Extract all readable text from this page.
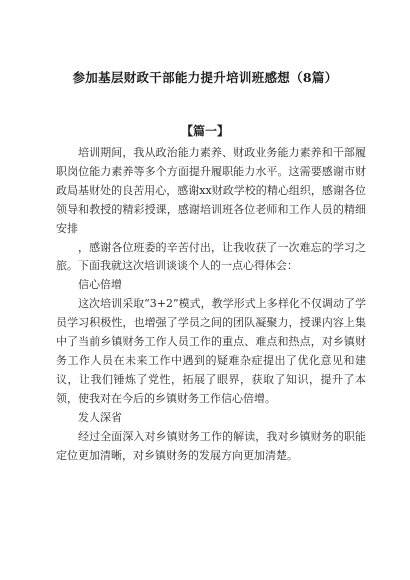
参加基层财政干部能力提升培训班感想（8篇）
【篇一】

培训期间，我从政治能力素养、财政业务能力素养和干部履职岗位能力素养等多个方面提升履职能力水平。这需要感谢市财政局基财处的良苦用心，感谢xx财政学校的精心组织，感谢各位领导和教授的精彩授课，感谢培训班各位老师和工作人员的精细安排

，感谢各位班委的辛苦付出，让我收获了一次难忘的学习之旅。下面我就这次培训谈谈个人的一点心得体会：

信心倍增

这次培训采取“3+2”模式，教学形式上多样化不仅调动了学员学习积极性，也增强了学员之间的团队凝聚力，授课内容上集中了当前乡镇财务工作人员工作的重点、难点和热点，对乡镇财务工作人员在未来工作中遇到的疑难杂症提出了优化意见和建议，让我们锤炼了党性，拓展了眼界，获取了知识，提升了本领，使我对在今后的乡镇财务工作信心倍增。

发人深省

经过全面深入对乡镇财务工作的解读，我对乡镇财务的职能定位更加清晰，对乡镇财务的发展方向更加清楚。
